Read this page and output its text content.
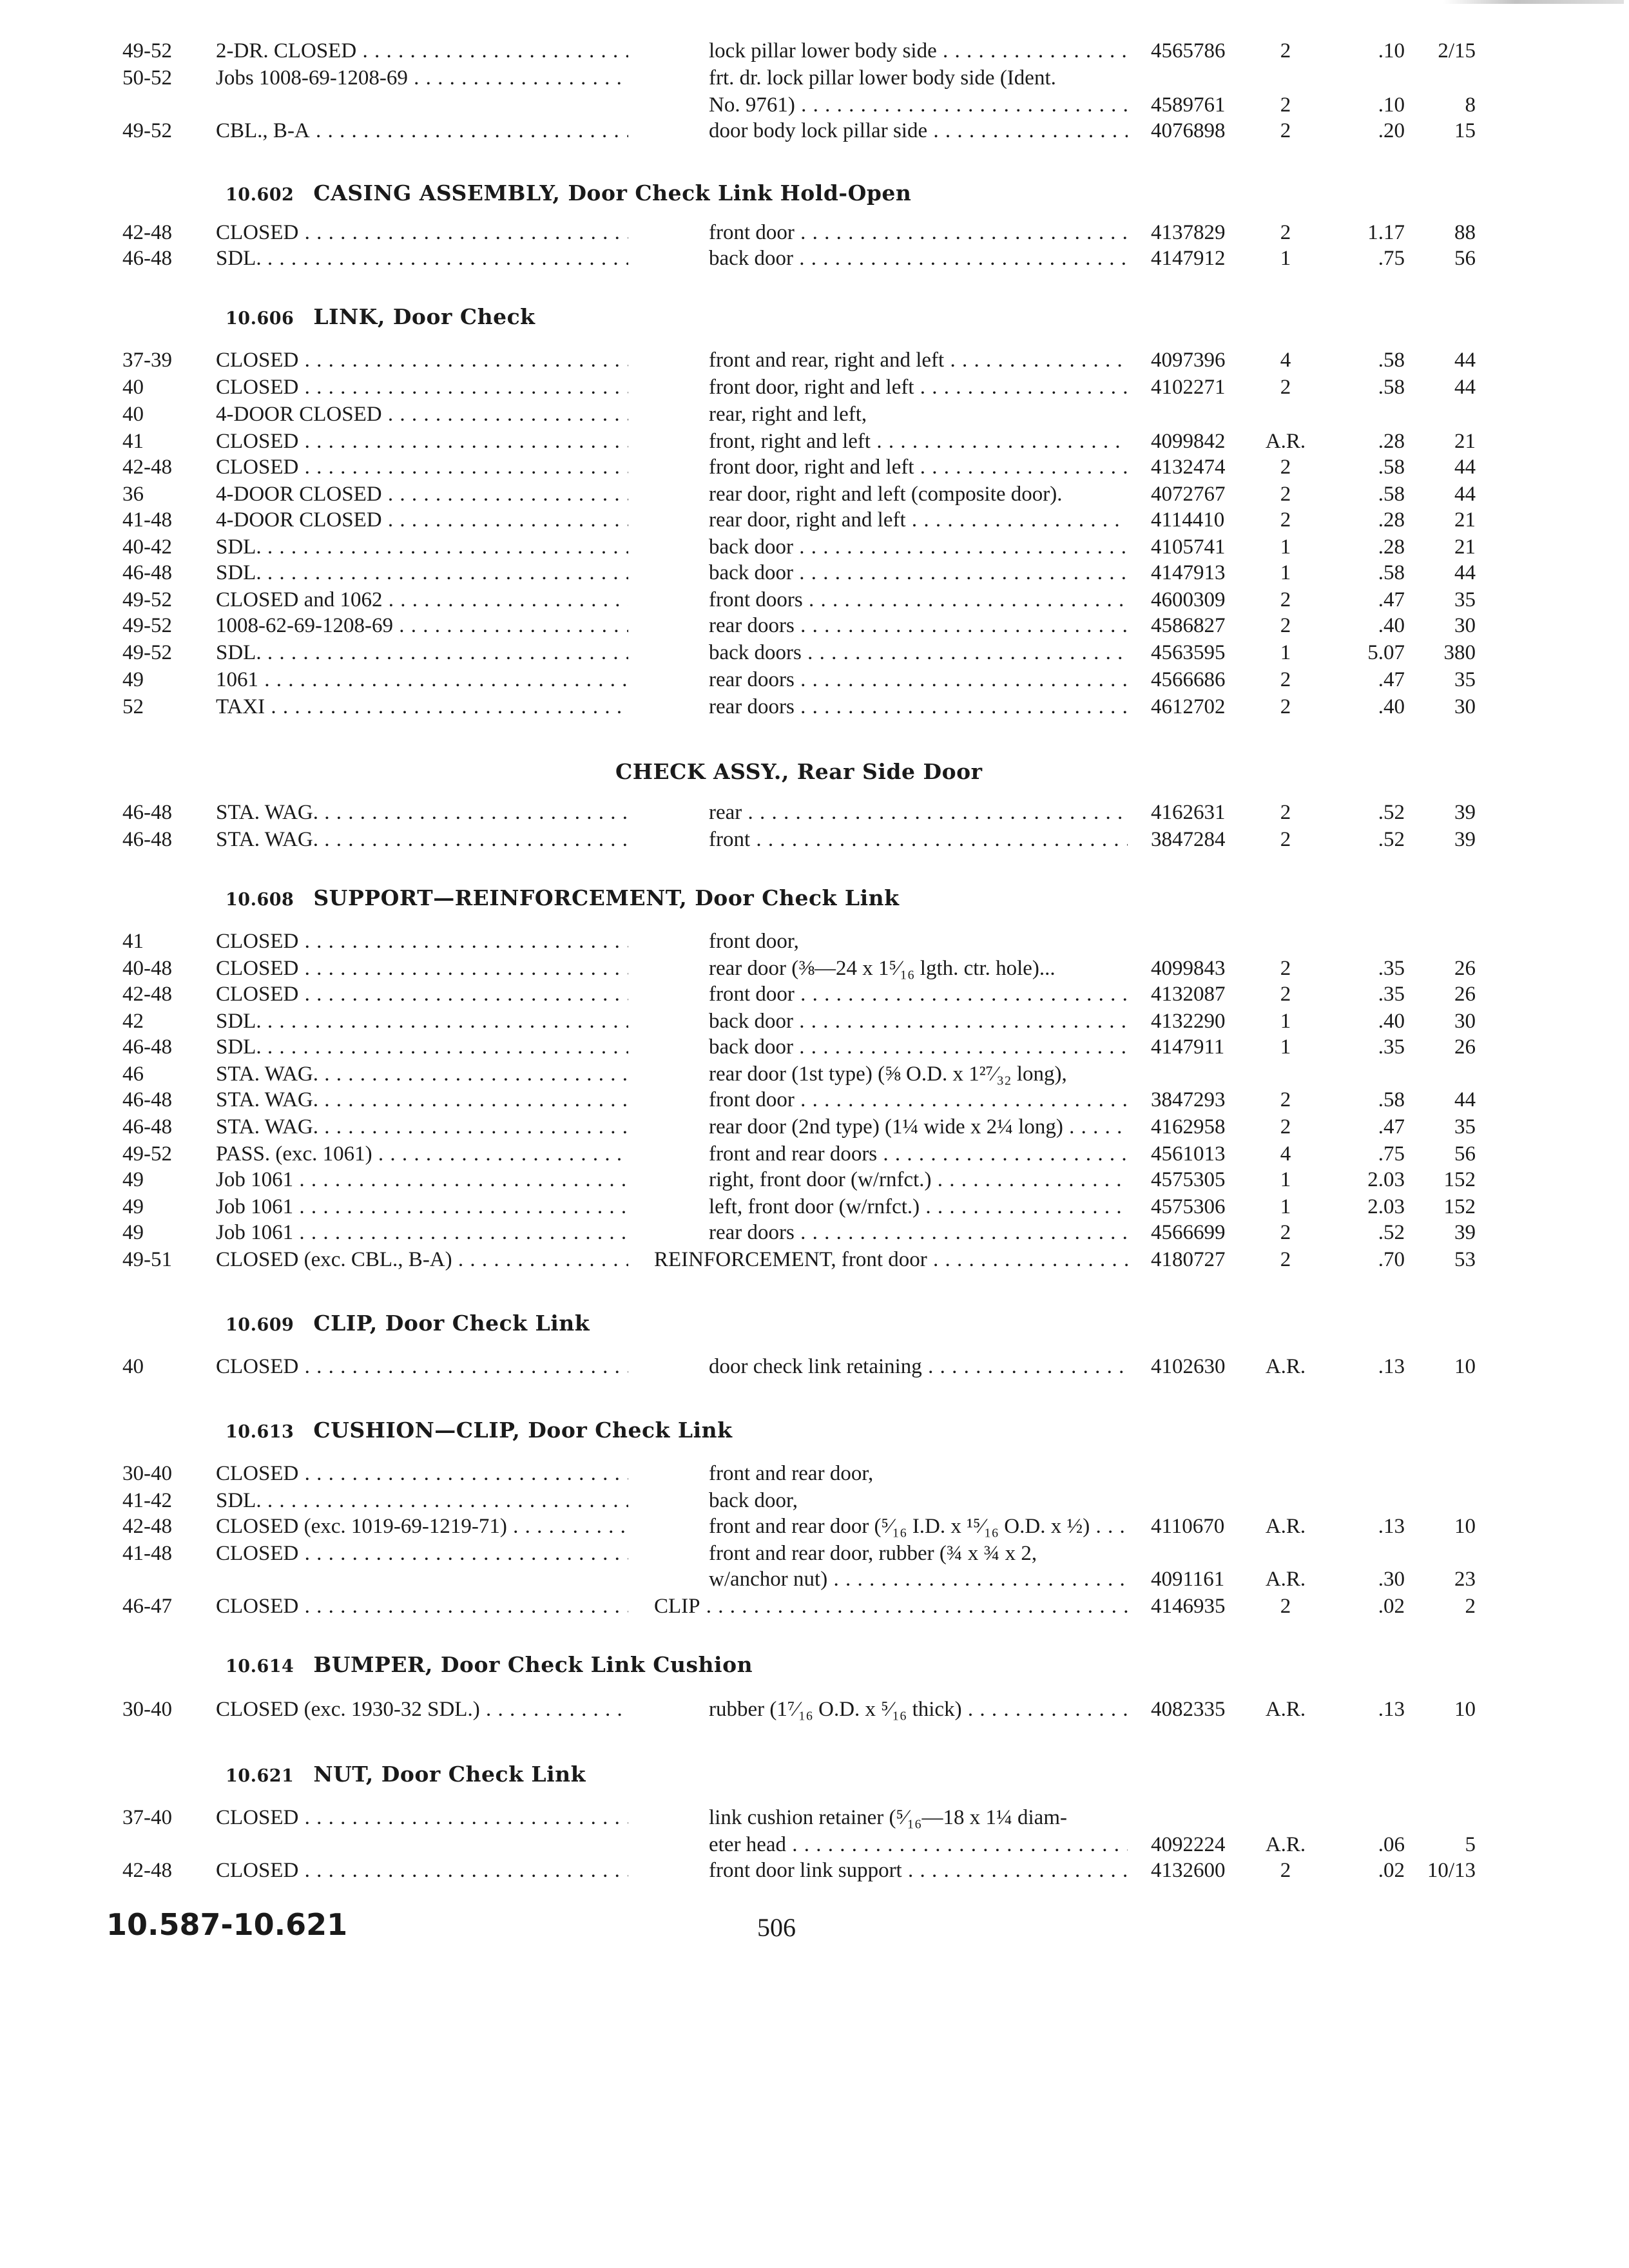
10.587-10.621	506
49-52 2-DR. CLOSED . . .	lock pillar lower body side . . .	4565786	2	.10	2/15
50-52 Jobs 1008-69-1208-69 . . .	frt. dr. lock pillar lower body side (Ident.
No. 9761) . . .	4589761	2	.10	8
49-52 CBL., B-A . . .	door body lock pillar side . . .	4076898	2	.20	15
10.602 CASING ASSEMBLY, Door Check Link Hold-Open
42-48 CLOSED . . .	front door . . .	4137829	2	1.17	88
46-48 SDL. . . .	back door . . .	4147912	1	.75	56
10.606 LINK, Door Check
37-39 CLOSED . . .	front and rear, right and left . . .	4097396	4	.58	44
40	CLOSED . . .	front door, right and left . . .	4102271	2	.58	44
40	4-DOOR CLOSED . . .	rear, right and left,
41	CLOSED . . .	front, right and left . . .	4099842 A.R.	.28	21
42-48 CLOSED . . .	front door, right and left . . .	4132474	2	.58	44
36	4-DOOR CLOSED . . .	rear door, right and left (composite door).	4072767	2	.58	44
41-48 4-DOOR CLOSED . . .	rear door, right and left . . .	4114410	2	.28	21
40-42 SDL. . . .	back door . . .	4105741	1	.28	21
46-48 SDL. . . .	back door . . .	4147913	1	.58	44
49-52 CLOSED and 1062 . . .	front doors . . .	4600309	2	.47	35
49-52 1008-62-69-1208-69 . . .	rear doors . . .	4586827	2	.40	30
49-52 SDL. . . .	back doors . . .	4563595	1	5.07	380
49	1061 . . .	rear doors . . .	4566686	2	.47	35
52	TAXI . . .	rear doors . . .	4612702	2	.40	30
CHECK ASSY., Rear Side Door
46-48 STA. WAG. . . .	rear . . .	4162631	2	.52	39
46-48 STA. WAG. . . .	front . . .	3847284	2	.52	39
10.608 SUPPORT—REINFORCEMENT, Door Check Link
41	CLOSED . . .	front door,
40-48 CLOSED . . .	rear door (⅜—24 x 1⁵⁄₁₆ lgth. ctr. hole)...	4099843	2	.35	26
42-48 CLOSED . . .	front door . . .	4132087	2	.35	26
42	SDL. . . .	back door . . .	4132290	1	.40	30
46-48 SDL. . . .	back door . . .	4147911	1	.35	26
46	STA. WAG. . . .	rear door (1st type) (⅝ O.D. x 1²⁷⁄₃₂ long),
46-48 STA. WAG. . . .	front door . . .	3847293	2	.58	44
46-48 STA. WAG. . . .	rear door (2nd type) (1¼ wide x 2¼ long) . . .	4162958	2	.47	35
49-52 PASS. (exc. 1061) . . .	front and rear doors . . .	4561013	4	.75	56
49	Job 1061 . . .	right, front door (w/rnfct.) . . .	4575305	1	2.03	152
49	Job 1061 . . .	left, front door (w/rnfct.) . . .	4575306	1	2.03	152
49	Job 1061 . . .	rear doors . . .	4566699	2	.52	39
49-51 CLOSED (exc. CBL., B-A) . . .	REINFORCEMENT, front door . . .	4180727	2	.70	53
10.609 CLIP, Door Check Link
40	CLOSED . . .	door check link retaining . . .	4102630 A.R.	.13	10
10.613 CUSHION—CLIP, Door Check Link
30-40 CLOSED . . .	front and rear door,
41-42 SDL. . . .	back door,
42-48 CLOSED (exc. 1019-69-1219-71) . . .	front and rear door (⁵⁄₁₆ I.D. x ¹⁵⁄₁₆ O.D. x ½) . . .	4110670 A.R.	.13	10
41-48 CLOSED . . .	front and rear door, rubber (¾ x ¾ x 2,
w/anchor nut) . . .	4091161 A.R.	.30	23
46-47 CLOSED . . .	CLIP . . .	4146935	2	.02	2
10.614 BUMPER, Door Check Link Cushion
30-40 CLOSED (exc. 1930-32 SDL.) . . .	rubber (1⁷⁄₁₆ O.D. x ⁵⁄₁₆ thick) . . .	4082335 A.R.	.13	10
10.621 NUT, Door Check Link
37-40 CLOSED . . .	link cushion retainer (⁵⁄₁₆—18 x 1¼ diam-
eter head . . .	4092224 A.R.	.06	5
42-48 CLOSED . . .	front door link support . . .	4132600	2	.02 10/13
